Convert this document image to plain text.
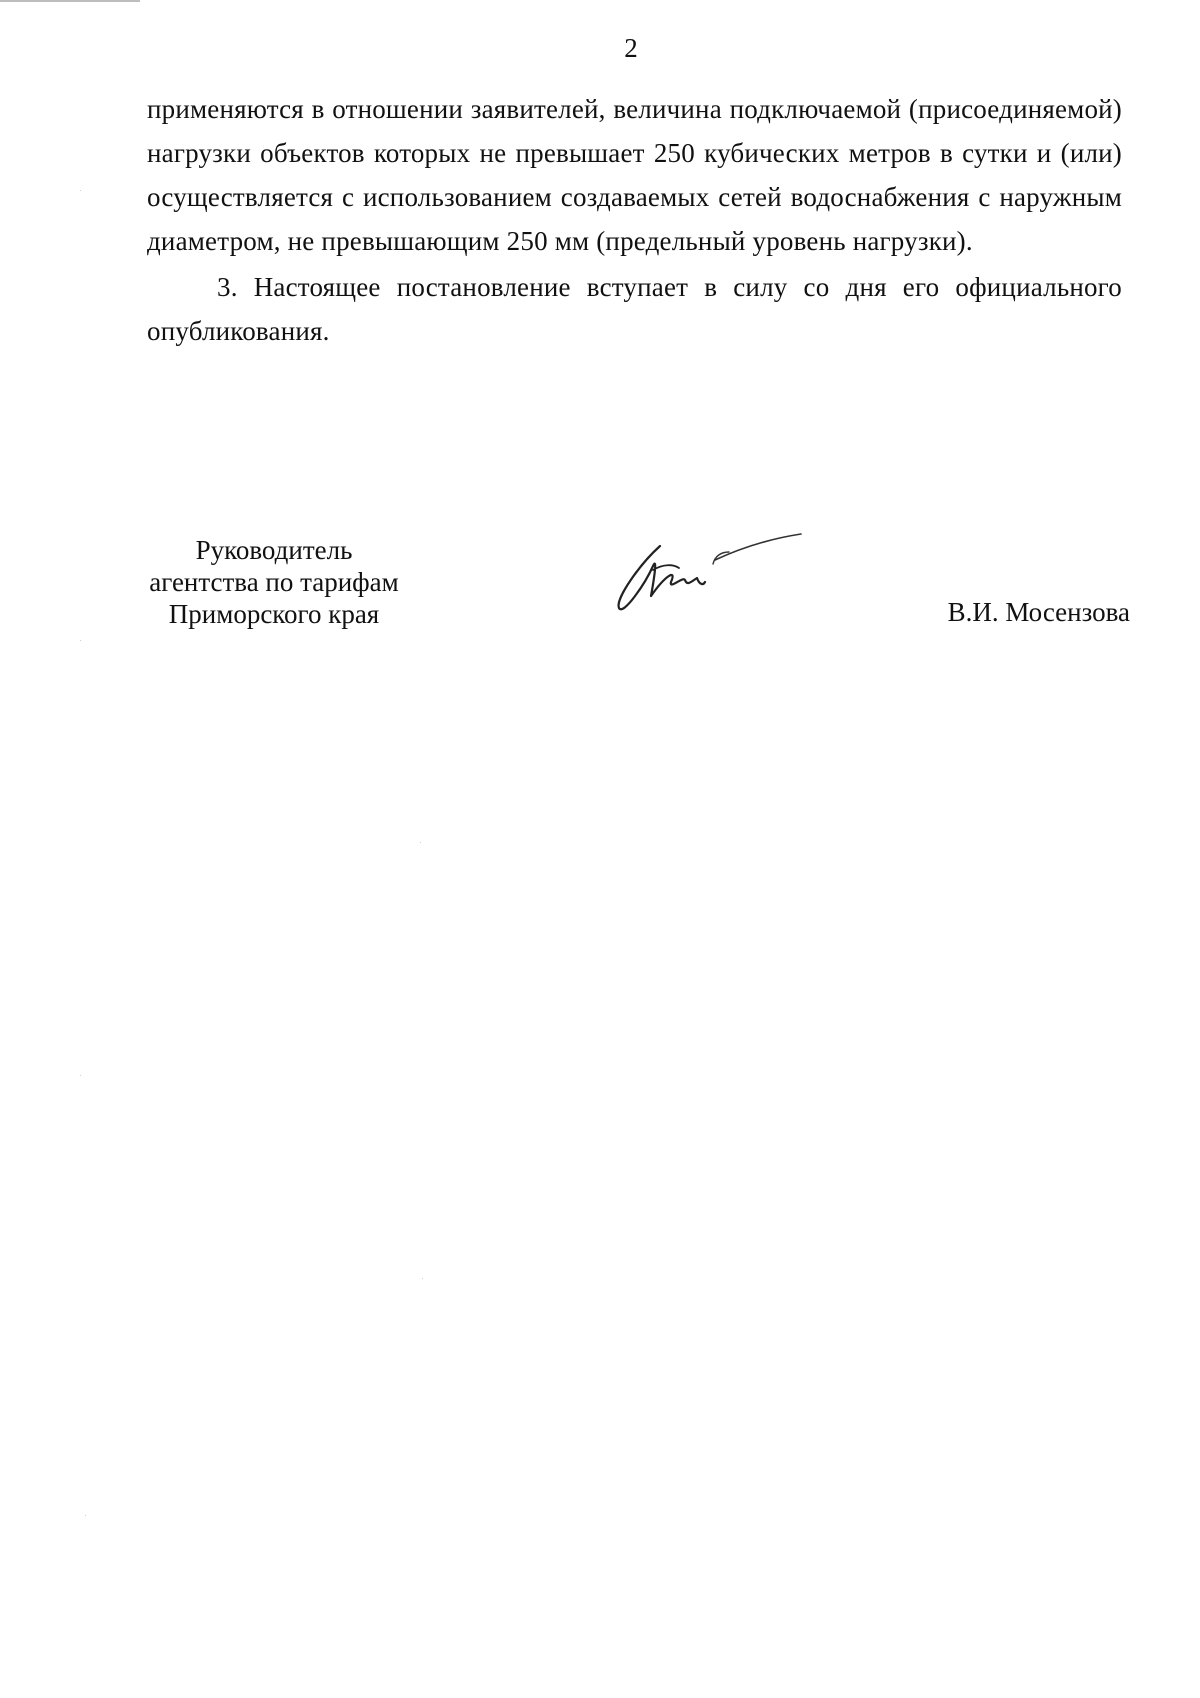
2

применяются в отношении заявителей, величина подключаемой (присоединяемой) нагрузки объектов которых не превышает 250 кубических метров в сутки и (или) осуществляется с использованием создаваемых сетей водоснабжения с наружным диаметром, не превышающим 250 мм (предельный уровень нагрузки).

3. Настоящее постановление вступает в силу со дня его официального опубликования.

Руководитель
агентства по тарифам
Приморского края	В.И. Мосензова
